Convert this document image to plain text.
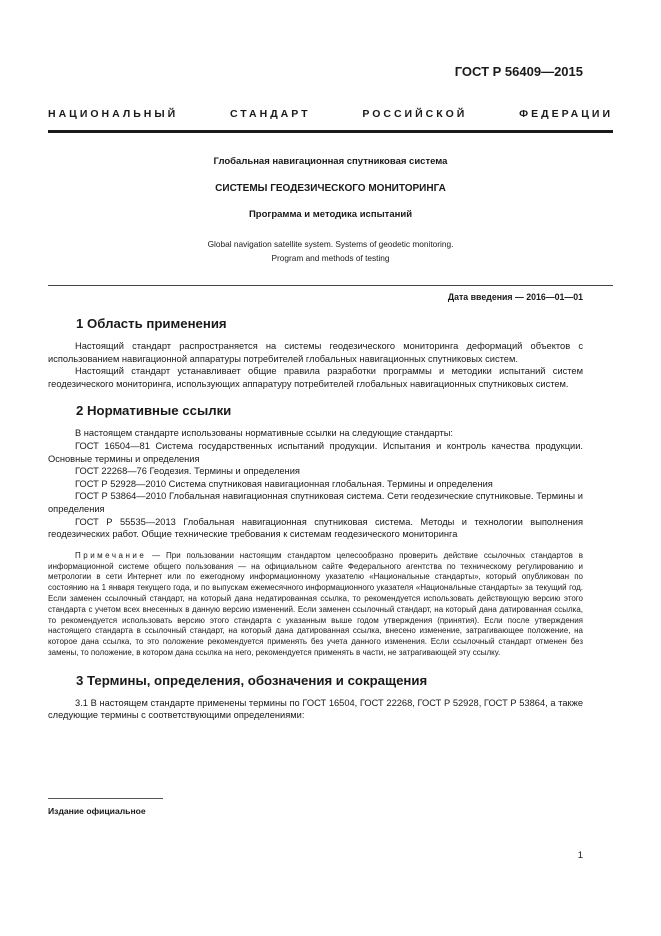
ГОСТ Р 56409—2015
НАЦИОНАЛЬНЫЙ СТАНДАРТ РОССИЙСКОЙ ФЕДЕРАЦИИ

Глобальная навигационная спутниковая система

СИСТЕМЫ ГЕОДЕЗИЧЕСКОГО МОНИТОРИНГА

Программа и методика испытаний

Global navigation satellite system. Systems of geodetic monitoring.
Program and methods of testing

Дата введения — 2016—01—01
1 Область применения

Настоящий стандарт распространяется на системы геодезического мониторинга деформаций объектов с использованием навигационной аппаратуры потребителей глобальных навигационных спутниковых систем.

Настоящий стандарт устанавливает общие правила разработки программы и методики испытаний систем геодезического мониторинга, использующих аппаратуру потребителей глобальных навигационных спутниковых систем.

2 Нормативные ссылки

В настоящем стандарте использованы нормативные ссылки на следующие стандарты:

ГОСТ 16504—81 Система государственных испытаний продукции. Испытания и контроль качества продукции. Основные термины и определения

ГОСТ 22268—76 Геодезия. Термины и определения

ГОСТ Р 52928—2010 Система спутниковая навигационная глобальная. Термины и определения

ГОСТ Р 53864—2010 Глобальная навигационная спутниковая система. Сети геодезические спутниковые. Термины и определения

ГОСТ Р 55535—2013 Глобальная навигационная спутниковая система. Методы и технологии выполнения геодезических работ. Общие технические требования к системам геодезического мониторинга

Примечание — При пользовании настоящим стандартом целесообразно проверить действие ссылочных стандартов в информационной системе общего пользования — на официальном сайте Федерального агентства по техническому регулированию и метрологии в сети Интернет или по ежегодному информационному указателю «Национальные стандарты», который опубликован по состоянию на 1 января текущего года, и по выпускам ежемесячного информационного указателя «Национальные стандарты» за текущий год. Если заменен ссылочный стандарт, на который дана недатированная ссылка, то рекомендуется использовать действующую версию этого стандарта с учетом всех внесенных в данную версию изменений. Если заменен ссылочный стандарт, на который дана датированная ссылка, то рекомендуется использовать версию этого стандарта с указанным выше годом утверждения (принятия). Если после утверждения настоящего стандарта в ссылочный стандарт, на который дана датированная ссылка, внесено изменение, затрагивающее положение, на которое дана ссылка, то это положение рекомендуется применять без учета данного изменения. Если ссылочный стандарт отменен без замены, то положение, в котором дана ссылка на него, рекомендуется применять в части, не затрагивающей эту ссылку.

3 Термины, определения, обозначения и сокращения

3.1 В настоящем стандарте применены термины по ГОСТ 16504, ГОСТ 22268, ГОСТ Р 52928, ГОСТ Р 53864, а также следующие термины с соответствующими определениями:

Издание официальное
1
